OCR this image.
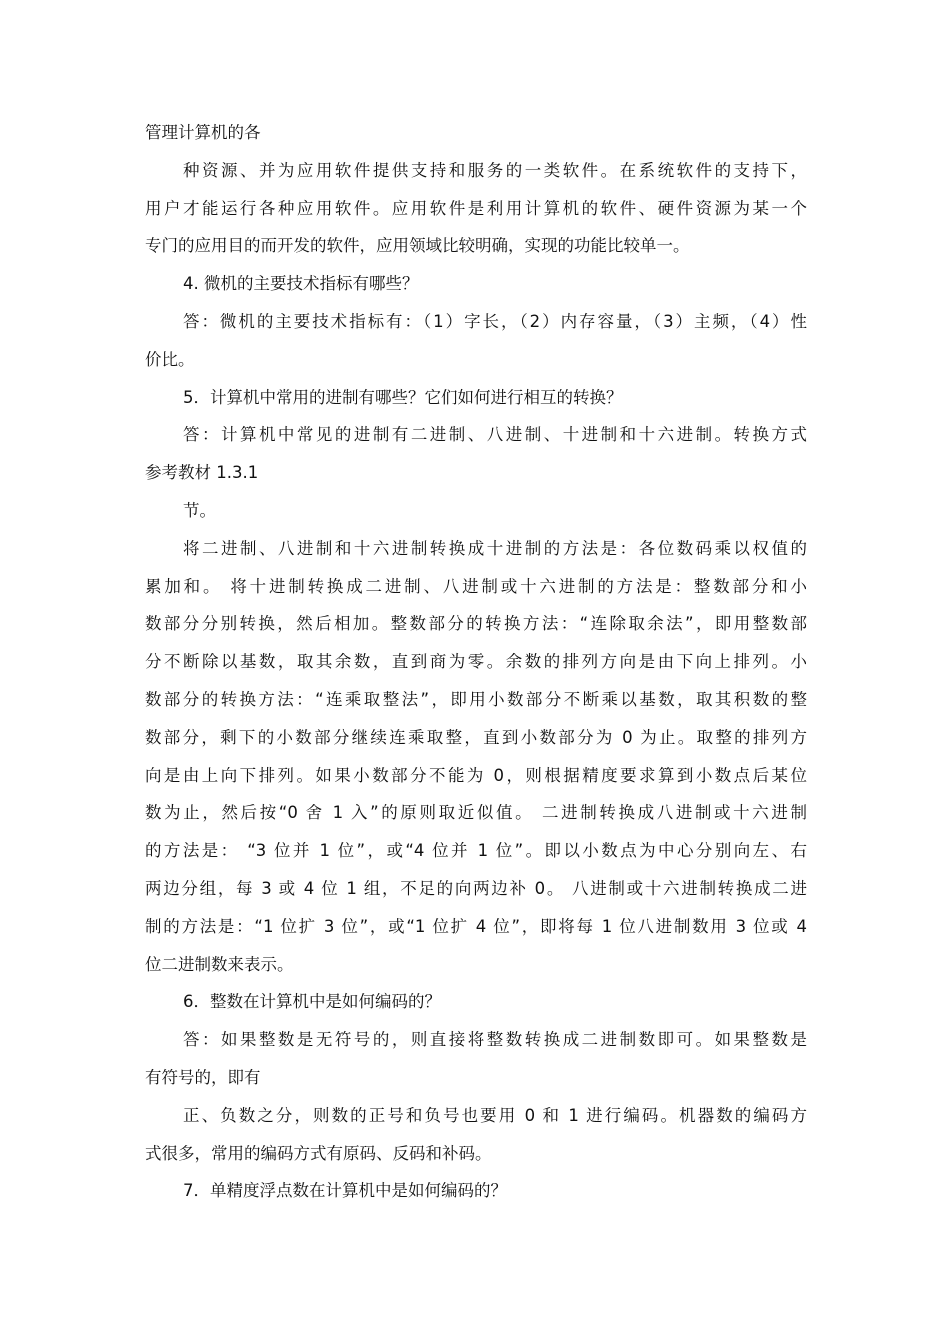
管理计算机的各
种资源、并为应用软件提供支持和服务的一类软件。在系统软件的支持下，
用户才能运行各种应用软件。应用软件是利用计算机的软件、硬件资源为某一个
专门的应用目的而开发的软件，应用领域比较明确，实现的功能比较单一。
4. 微机的主要技术指标有哪些？
答：微机的主要技术指标有：（1）字长，（2）内存容量，（3）主频，（4）性
价比。
5．计算机中常用的进制有哪些？它们如何进行相互的转换？
答：计算机中常见的进制有二进制、八进制、十进制和十六进制。转换方式
参考教材 1.3.1
节。
将二进制、八进制和十六进制转换成十进制的方法是：各位数码乘以权值的
累加和。 将十进制转换成二进制、八进制或十六进制的方法是：整数部分和小
数部分分别转换，然后相加。整数部分的转换方法：“连除取余法”，即用整数部
分不断除以基数，取其余数，直到商为零。余数的排列方向是由下向上排列。小
数部分的转换方法：“连乘取整法”，即用小数部分不断乘以基数，取其积数的整
数部分，剩下的小数部分继续连乘取整，直到小数部分为 0 为止。取整的排列方
向是由上向下排列。如果小数部分不能为 0，则根据精度要求算到小数点后某位
数为止，然后按“0 舍 1 入”的原则取近似值。 二进制转换成八进制或十六进制
的方法是： “3 位并 1 位”，或“4 位并 1 位”。即以小数点为中心分别向左、右
两边分组，每 3 或 4 位 1 组，不足的向两边补 0。 八进制或十六进制转换成二进
制的方法是：“1 位扩 3 位”，或“1 位扩 4 位”，即将每 1 位八进制数用 3 位或 4
位二进制数来表示。
6．整数在计算机中是如何编码的？
答：如果整数是无符号的，则直接将整数转换成二进制数即可。如果整数是
有符号的，即有
正、负数之分，则数的正号和负号也要用 0 和 1 进行编码。机器数的编码方
式很多，常用的编码方式有原码、反码和补码。
7．单精度浮点数在计算机中是如何编码的？
